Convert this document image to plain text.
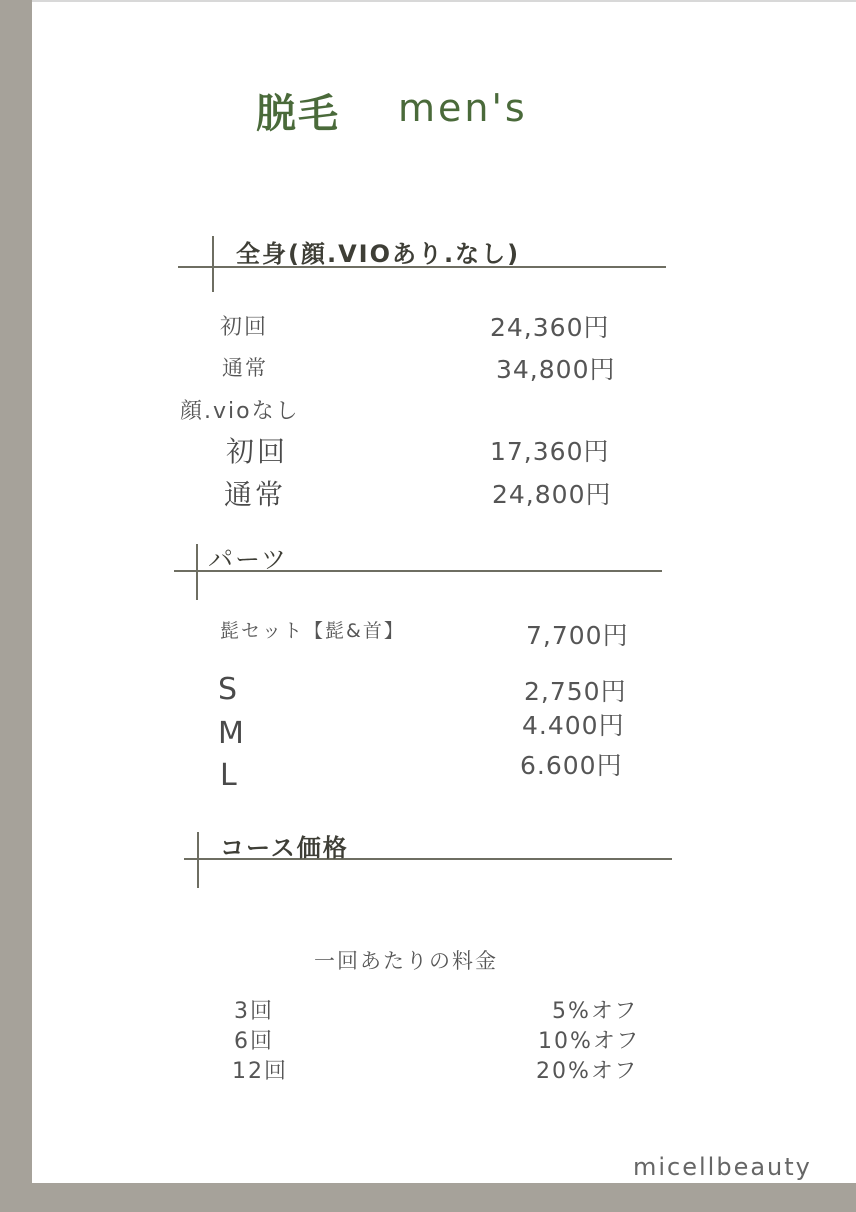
脱毛 men's
全身(顔.VIOあり.なし)
初回	24,360円
通常	34,800円
顔.vioなし
初回	17,360円
通常	24,800円
パーツ
髭セット【髭&首】	7,700円
S	2,750円
M	4.400円
L	6.600円
コース価格
一回あたりの料金
3回	5%オフ
6回	10%オフ
12回	20%オフ
micellbeauty
